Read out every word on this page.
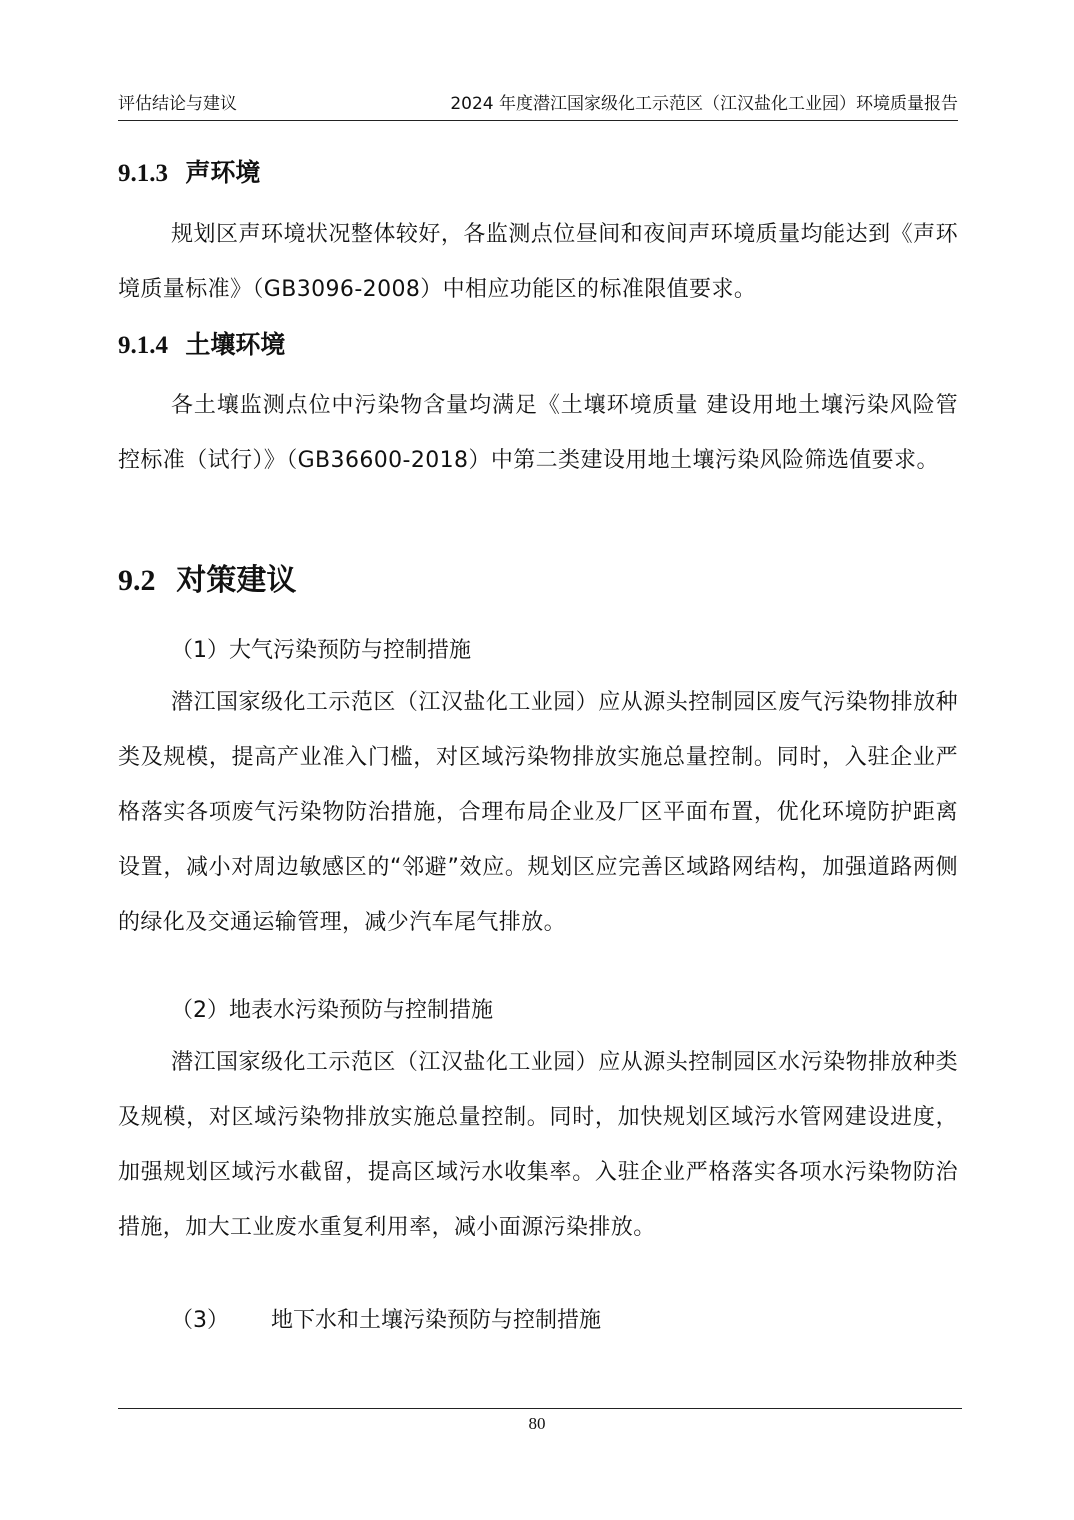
评估结论与建议	2024 年度潜江国家级化工示范区（江汉盐化工业园）环境质量报告
9.1.3 声环境

规划区声环境状况整体较好，各监测点位昼间和夜间声环境质量均能达到《声环境质量标准》（GB3096-2008）中相应功能区的标准限值要求。

9.1.4 土壤环境

各土壤监测点位中污染物含量均满足《土壤环境质量 建设用地土壤污染风险管控标准（试行）》（GB36600-2018）中第二类建设用地土壤污染风险筛选值要求。

9.2 对策建议

（1）大气污染预防与控制措施

潜江国家级化工示范区（江汉盐化工业园）应从源头控制园区废气污染物排放种类及规模，提高产业准入门槛，对区域污染物排放实施总量控制。同时，入驻企业严格落实各项废气污染物防治措施，合理布局企业及厂区平面布置，优化环境防护距离设置，减小对周边敏感区的“邻避”效应。规划区应完善区域路网结构，加强道路两侧的绿化及交通运输管理，减少汽车尾气排放。

（2）地表水污染预防与控制措施

潜江国家级化工示范区（江汉盐化工业园）应从源头控制园区水污染物排放种类及规模，对区域污染物排放实施总量控制。同时，加快规划区域污水管网建设进度，加强规划区域污水截留，提高区域污水收集率。入驻企业严格落实各项水污染物防治措施，加大工业废水重复利用率，减小面源污染排放。

（3）      地下水和土壤污染预防与控制措施

80
